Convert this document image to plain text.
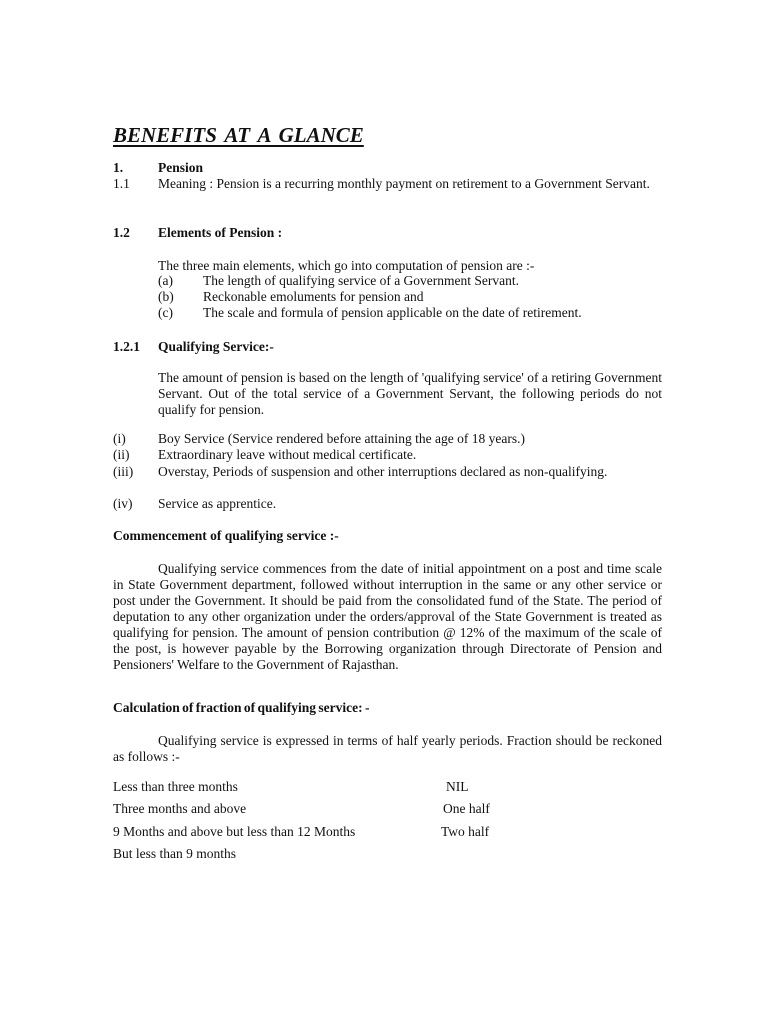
BENEFITS AT A GLANCE
1.	Pension
1.1 Meaning : Pension is a recurring monthly payment on retirement to a Government Servant.
1.2 Elements of Pension :
The three main elements, which go into computation of pension are :-
(a) The length of qualifying service of a Government Servant.
(b) Reckonable emoluments for pension and
(c) The scale and formula of pension applicable on the date of retirement.
1.2.1 Qualifying Service:-
The amount of pension is based on the length of 'qualifying service' of a retiring Government Servant. Out of the total service of a Government Servant, the following periods do not qualify for pension.
(i) Boy Service (Service rendered before attaining the age of 18 years.)
(ii) Extraordinary leave without medical certificate.
(iii) Overstay, Periods of suspension and other interruptions declared as non-qualifying.
(iv) Service as apprentice.
Commencement of qualifying service :-
Qualifying service commences from the date of initial appointment on a post and time scale in State Government department, followed without interruption in the same or any other service or post under the Government. It should be paid from the consolidated fund of the State. The period of deputation to any other organization under the orders/approval of the State Government is treated as qualifying for pension. The amount of pension contribution @ 12% of the maximum of the scale of the post, is however payable by the Borrowing organization through Directorate of Pension and Pensioners' Welfare to the Government of Rajasthan.
Calculation of fraction of qualifying service: -
Qualifying service is expressed in terms of half yearly periods. Fraction should be reckoned as follows :-
Less than three months	NIL
Three months and above	One half
9 Months and above but less than 12 Months	Two half
But less than 9 months
